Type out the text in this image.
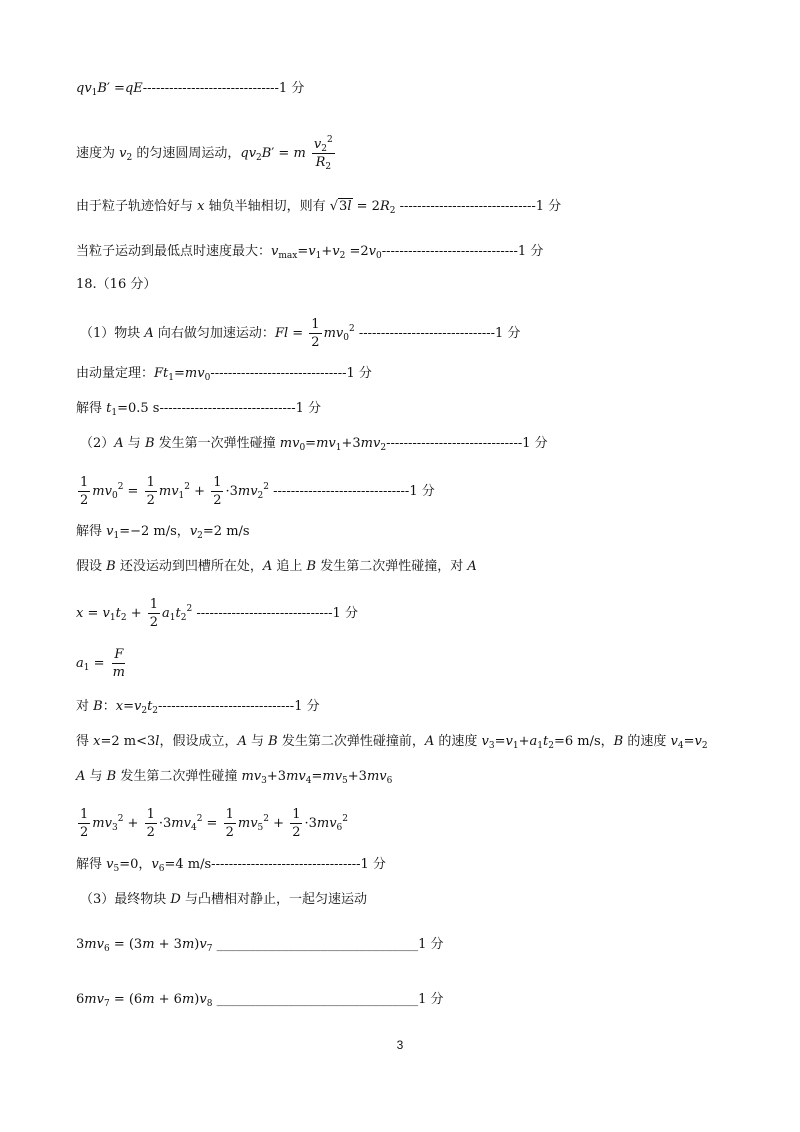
$qv_1B' =qE-------------------------------1$ 分
速度为 $v_2$ 的匀速圆周运动，$qv_2B' = m \frac{v_2^2}{R_2}$
由于粒子轨迹恰好与 x 轴负半轴相切，则有 $√3l = 2R_2$ -------------------------------1 分
当粒子运动到最低点时速度最大：$v_{max}=v_1+v_2 =2v_0-------------------------------1$ 分
18.（16 分）
（1）物块 A 向右做匀加速运动：$Fl = \frac{1}{2} mv_0^2$ -------------------------------1 分
由动量定理：$Ft_1=mv_0-------------------------------1$ 分
解得 $t_1=0.5$ s-------------------------------1 分
（2）A 与 B 发生第一次弹性碰撞 $mv_0=mv_1+3mv_2-------------------------------1$ 分
$\frac{1}{2} mv_0^2 = \frac{1}{2} mv_1^2 + \frac{1}{2} \cdot 3mv_2^2$ -------------------------------1 分
解得 $v_1=-2$ m/s，$v_2=2$ m/s
假设 B 还没运动到凹槽所在处，A 追上 B 发生第二次弹性碰撞，对 A
$x = v_1t_2 + \frac{1}{2} a_1t_2^2$ -------------------------------1 分
$a_1 = \frac{F}{m}$
对 B：$x=v_2t_2-------------------------------1$ 分
得 x=2 m<3l，假设成立，A 与 B 发生第二次弹性碰撞前，A 的速度 $v_3=v_1+a_1t_2=6$ m/s，B 的速度 $v_4=v_2$
A 与 B 发生第二次弹性碰撞 $mv_3+3mv_4=mv_5+3mv_6$
$\frac{1}{2} mv_3^2 + \frac{1}{2} \cdot 3mv_4^2 = \frac{1}{2} mv_5^2 + \frac{1}{2} \cdot 3mv_6^2$
解得 $v_5=0$，$v_6=4$ m/s----------------------------------1 分
（3）最终物块 D 与凸槽相对静止，一起匀速运动
$3mv_6 = (3m + 3m)v_7$ _______________________________1 分
$6mv_7 = (6m + 6m)v_8$ _______________________________1 分
3
